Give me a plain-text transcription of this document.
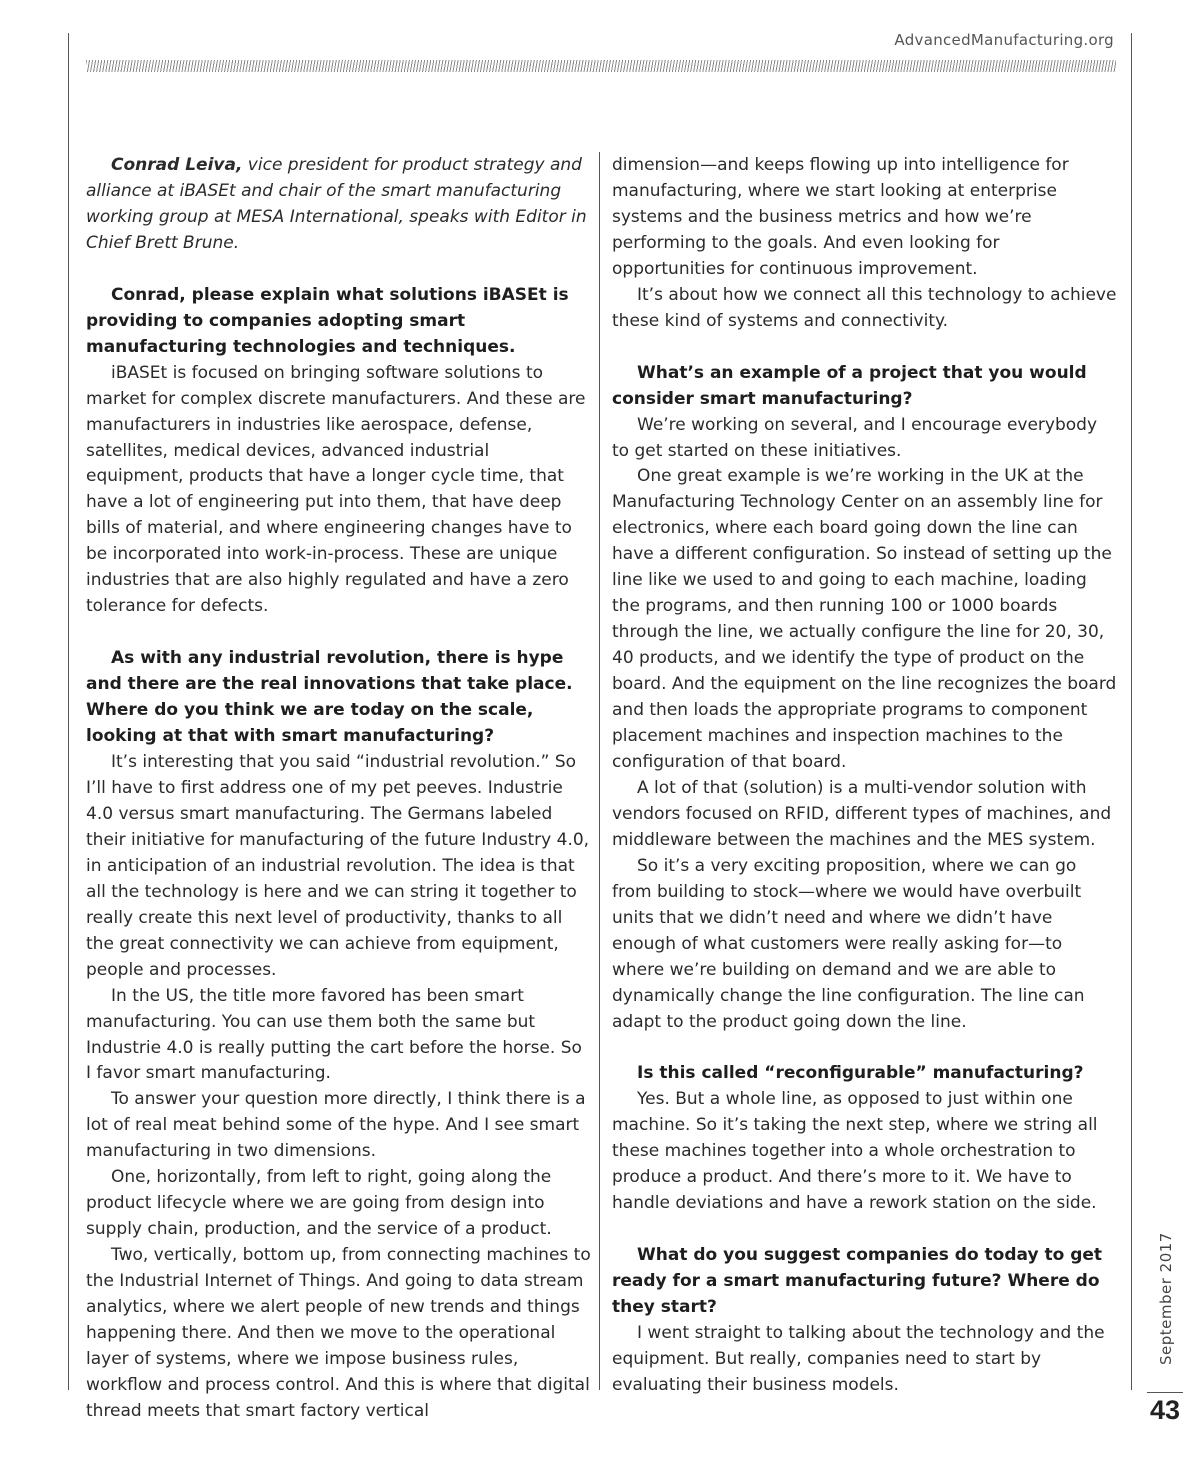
AdvancedManufacturing.org

Conrad Leiva, vice president for product strategy and alliance at iBASEt and chair of the smart manufacturing working group at MESA International, speaks with Editor in Chief Brett Brune.

Conrad, please explain what solutions iBASEt is providing to companies adopting smart manufacturing technologies and techniques.

iBASEt is focused on bringing software solutions to market for complex discrete manufacturers. And these are manufacturers in industries like aerospace, defense, satellites, medical devices, advanced industrial equipment, products that have a longer cycle time, that have a lot of engineering put into them, that have deep bills of material, and where engineering changes have to be incorporated into work-in-process. These are unique industries that are also highly regulated and have a zero tolerance for defects.

As with any industrial revolution, there is hype and there are the real innovations that take place. Where do you think we are today on the scale, looking at that with smart manufacturing?

It’s interesting that you said “industrial revolution.” So I’ll have to first address one of my pet peeves. Industrie 4.0 versus smart manufacturing. The Germans labeled their initiative for manufacturing of the future Industry 4.0, in anticipation of an industrial revolution. The idea is that all the technology is here and we can string it together to really create this next level of productivity, thanks to all the great connectivity we can achieve from equipment, people and processes.

In the US, the title more favored has been smart manufacturing. You can use them both the same but Industrie 4.0 is really putting the cart before the horse. So I favor smart manufacturing.

To answer your question more directly, I think there is a lot of real meat behind some of the hype. And I see smart manufacturing in two dimensions.

One, horizontally, from left to right, going along the product lifecycle where we are going from design into supply chain, production, and the service of a product.

Two, vertically, bottom up, from connecting machines to the Industrial Internet of Things. And going to data stream analytics, where we alert people of new trends and things happening there. And then we move to the operational layer of systems, where we impose business rules, workflow and process control. And this is where that digital thread meets that smart factory vertical

dimension—and keeps flowing up into intelligence for manufacturing, where we start looking at enterprise systems and the business metrics and how we’re performing to the goals. And even looking for opportunities for continuous improvement.

It’s about how we connect all this technology to achieve these kind of systems and connectivity.

What’s an example of a project that you would consider smart manufacturing?

We’re working on several, and I encourage everybody to get started on these initiatives.

One great example is we’re working in the UK at the Manufacturing Technology Center on an assembly line for electronics, where each board going down the line can have a different configuration. So instead of setting up the line like we used to and going to each machine, loading the programs, and then running 100 or 1000 boards through the line, we actually configure the line for 20, 30, 40 products, and we identify the type of product on the board. And the equipment on the line recognizes the board and then loads the appropriate programs to component placement machines and inspection machines to the configuration of that board.

A lot of that (solution) is a multi-vendor solution with vendors focused on RFID, different types of machines, and middleware between the machines and the MES system.

So it’s a very exciting proposition, where we can go from building to stock—where we would have overbuilt units that we didn’t need and where we didn’t have enough of what customers were really asking for—to where we’re building on demand and we are able to dynamically change the line configuration. The line can adapt to the product going down the line.

Is this called “reconfigurable” manufacturing?

Yes. But a whole line, as opposed to just within one machine. So it’s taking the next step, where we string all these machines together into a whole orchestration to produce a product. And there’s more to it. We have to handle deviations and have a rework station on the side.

What do you suggest companies do today to get ready for a smart manufacturing future? Where do they start?

I went straight to talking about the technology and the equipment. But really, companies need to start by evaluating their business models.

September 2017
43
